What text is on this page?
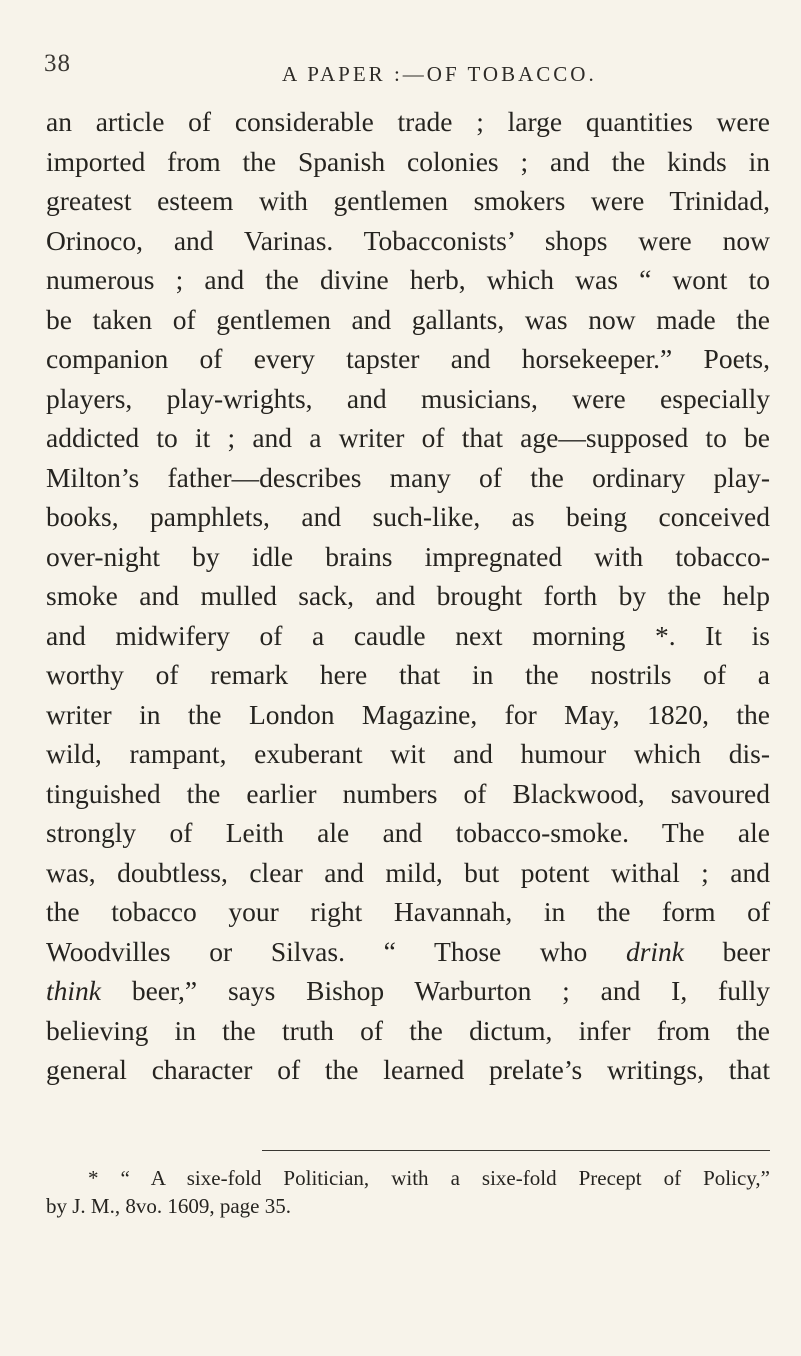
38	A PAPER :—OF TOBACCO.
an article of considerable trade ; large quantities were
imported from the Spanish colonies ; and the kinds in
greatest esteem with gentlemen smokers were Trinidad,
Orinoco, and Varinas. Tobacconists’ shops were now
numerous ; and the divine herb, which was “ wont to
be taken of gentlemen and gallants, was now made the
companion of every tapster and horsekeeper.” Poets,
players, play-wrights, and musicians, were especially
addicted to it ; and a writer of that age—supposed to be
Milton’s father—describes many of the ordinary play-
books, pamphlets, and such-like, as being conceived
over-night by idle brains impregnated with tobacco-
smoke and mulled sack, and brought forth by the help
and midwifery of a caudle next morning *. It is
worthy of remark here that in the nostrils of a
writer in the London Magazine, for May, 1820, the
wild, rampant, exuberant wit and humour which dis-
tinguished the earlier numbers of Blackwood, savoured
strongly of Leith ale and tobacco-smoke. The ale
was, doubtless, clear and mild, but potent withal ; and
the tobacco your right Havannah, in the form of
Woodvilles or Silvas. “ Those who drink beer
think beer,” says Bishop Warburton ; and I, fully
believing in the truth of the dictum, infer from the
general character of the learned prelate’s writings, that
* “ A sixe-fold Politician, with a sixe-fold Precept of Policy,”
by J. M., 8vo. 1609, page 35.
